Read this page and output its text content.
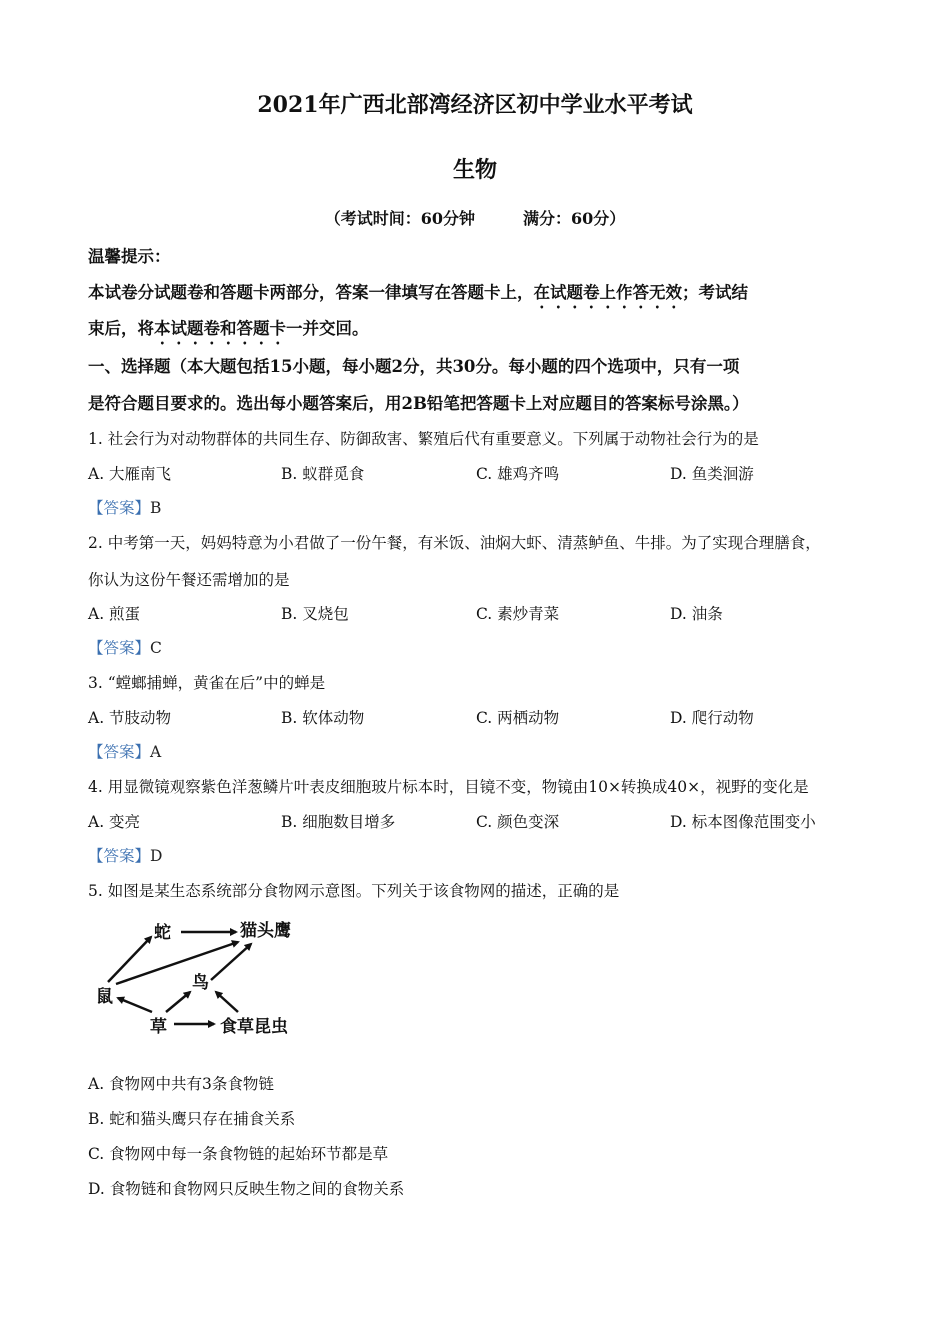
2021年广西北部湾经济区初中学业水平考试
生物
（考试时间：60分钟	满分：60分）
温馨提示：
本试卷分试题卷和答题卡两部分，答案一律填写在答题卡上，在试题卷上作答无效；考试结
束后，将本试题卷和答题卡一并交回。
一、选择题（本大题包括15小题，每小题2分，共30分。每小题的四个选项中，只有一项
是符合题目要求的。选出每小题答案后，用2B铅笔把答题卡上对应题目的答案标号涂黑。）
1. 社会行为对动物群体的共同生存、防御敌害、繁殖后代有重要意义。下列属于动物社会行为的是
A. 大雁南飞	B. 蚁群觅食	C. 雄鸡齐鸣	D. 鱼类洄游
【答案】B
2. 中考第一天，妈妈特意为小君做了一份午餐，有米饭、油焖大虾、清蒸鲈鱼、牛排。为了实现合理膳食，
你认为这份午餐还需增加的是
A. 煎蛋	B. 叉烧包	C. 素炒青菜	D. 油条
【答案】C
3. “螳螂捕蝉，黄雀在后”中的蝉是
A. 节肢动物	B. 软体动物	C. 两栖动物	D. 爬行动物
【答案】A
4. 用显微镜观察紫色洋葱鳞片叶表皮细胞玻片标本时，目镜不变，物镜由10×转换成40×，视野的变化是
A. 变亮	B. 细胞数目增多	C. 颜色变深	D. 标本图像范围变小
【答案】D
5. 如图是某生态系统部分食物网示意图。下列关于该食物网的描述，正确的是
蛇	猫头鹰
鼠
鸟
草	食草昆虫
A. 食物网中共有3条食物链
B. 蛇和猫头鹰只存在捕食关系
C. 食物网中每一条食物链的起始环节都是草
D. 食物链和食物网只反映生物之间的食物关系
